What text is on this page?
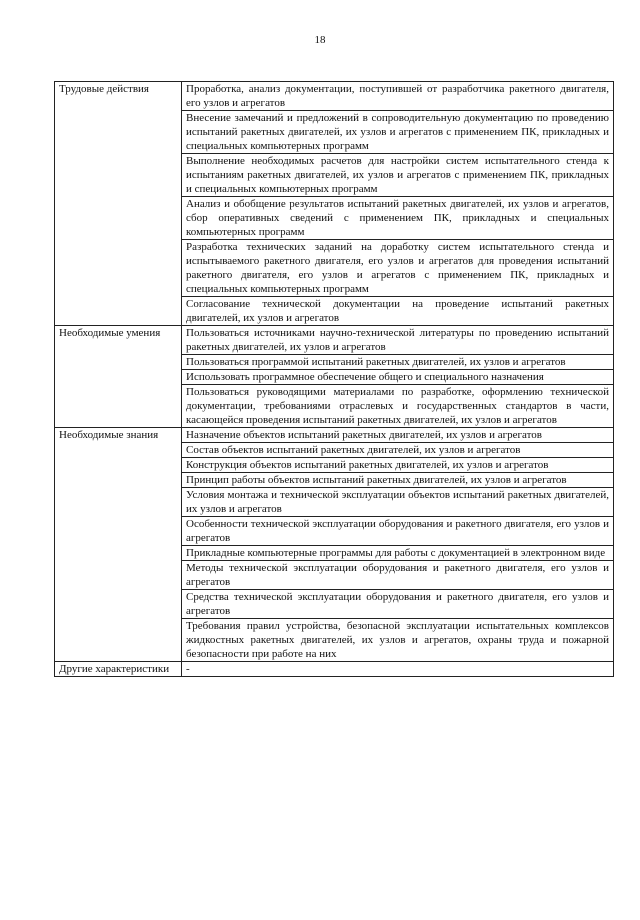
18
Трудовые действия	Проработка, анализ документации, поступившей от разработчика ракетного двигателя, его узлов и агрегатов

	Внесение замечаний и предложений в сопроводительную документацию по проведению испытаний ракетных двигателей, их узлов и агрегатов с применением ПК, прикладных и специальных компьютерных программ

	Выполнение необходимых расчетов для настройки систем испытательного стенда к испытаниям ракетных двигателей, их узлов и агрегатов с применением ПК, прикладных и специальных компьютерных программ

	Анализ и обобщение результатов испытаний ракетных двигателей, их узлов и агрегатов, сбор оперативных сведений с применением ПК, прикладных и специальных компьютерных программ

	Разработка технических заданий на доработку систем испытательного стенда и испытываемого ракетного двигателя, его узлов и агрегатов для проведения испытаний ракетного двигателя, его узлов и агрегатов с применением ПК, прикладных и специальных компьютерных программ

	Согласование технической документации на проведение испытаний ракетных двигателей, их узлов и агрегатов

Необходимые умения	Пользоваться источниками научно-технической литературы по проведению испытаний ракетных двигателей, их узлов и агрегатов

	Пользоваться программой испытаний ракетных двигателей, их узлов и агрегатов

	Использовать программное обеспечение общего и специального назначения

	Пользоваться руководящими материалами по разработке, оформлению технической документации, требованиями отраслевых и государственных стандартов в части, касающейся проведения испытаний ракетных двигателей, их узлов и агрегатов

Необходимые знания	Назначение объектов испытаний ракетных двигателей, их узлов и агрегатов

	Состав объектов испытаний ракетных двигателей, их узлов и агрегатов

	Конструкция объектов испытаний ракетных двигателей, их узлов и агрегатов

	Принцип работы объектов испытаний ракетных двигателей, их узлов и агрегатов

	Условия монтажа и технической эксплуатации объектов испытаний ракетных двигателей, их узлов и агрегатов

	Особенности технической эксплуатации оборудования и ракетного двигателя, его узлов и агрегатов

	Прикладные компьютерные программы для работы с документацией в электронном виде

	Методы технической эксплуатации оборудования и ракетного двигателя, его узлов и агрегатов

	Средства технической эксплуатации оборудования и ракетного двигателя, его узлов и агрегатов

	Требования правил устройства, безопасной эксплуатации испытательных комплексов жидкостных ракетных двигателей, их узлов и агрегатов, охраны труда и пожарной безопасности при работе на них

Другие характеристики	-
